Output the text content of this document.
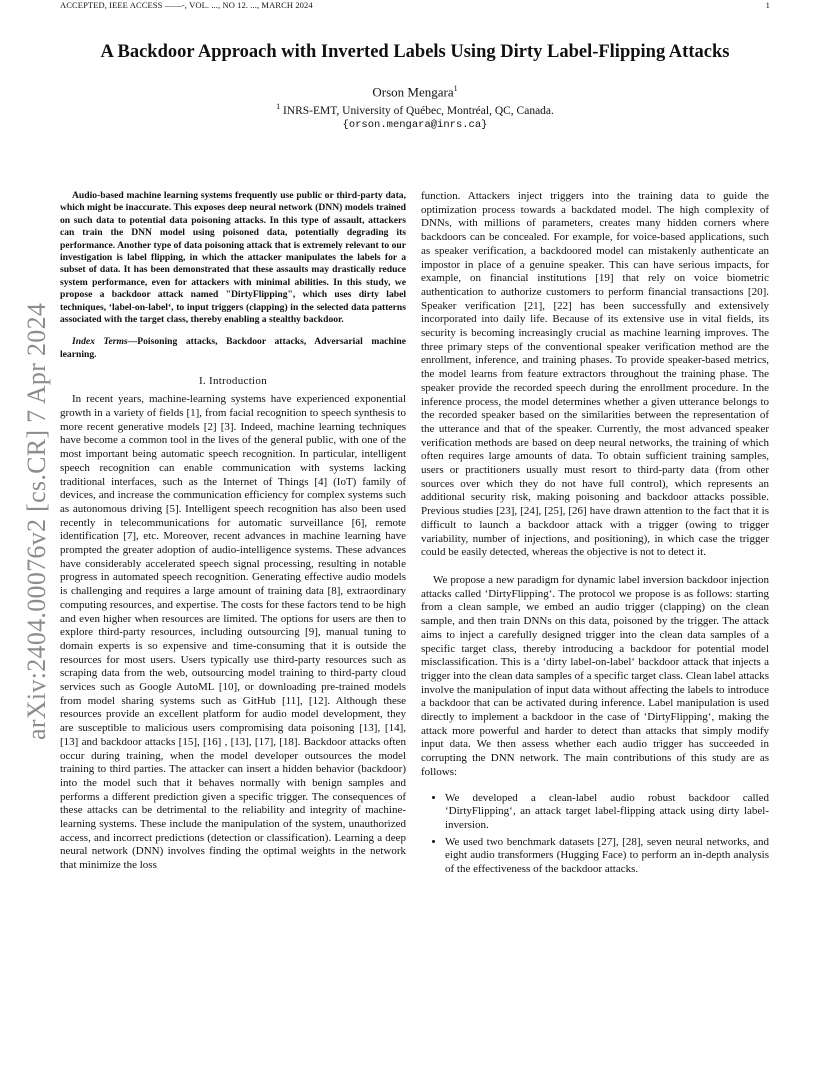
ACCEPTED, IEEE ACCESS ——-, VOL. ..., NO 12. ..., MARCH 2024	1
arXiv:2404.00076v2 [cs.CR] 7 Apr 2024
A Backdoor Approach with Inverted Labels Using Dirty Label-Flipping Attacks
Orson Mengara$^1$
$^1$ INRS-EMT, University of Québec, Montréal, QC, Canada.
{orson.mengara@inrs.ca}

Audio-based machine learning systems frequently use public or third-party data, which might be inaccurate. This exposes deep neural network (DNN) models trained on such data to potential data poisoning attacks. In this type of assault, attackers can train the DNN model using poisoned data, potentially degrading its performance. Another type of data poisoning attack that is extremely relevant to our investigation is label flipping, in which the attacker manipulates the labels for a subset of data. It has been demonstrated that these assaults may drastically reduce system performance, even for attackers with minimal abilities. In this study, we propose a backdoor attack named "DirtyFlipping", which uses dirty label techniques, ‘label-on-label‘, to input triggers (clapping) in the selected data patterns associated with the target class, thereby enabling a stealthy backdoor.

Index Terms—Poisoning attacks, Backdoor attacks, Adversarial machine learning.

I. Introduction

In recent years, machine-learning systems have experienced exponential growth in a variety of fields [1], from facial recognition to speech synthesis to more recent generative models [2] [3]. Indeed, machine learning techniques have become a common tool in the lives of the general public, with one of the most important being automatic speech recognition. In particular, intelligent speech recognition can enable communication with systems lacking traditional interfaces, such as the Internet of Things [4] (IoT) family of devices, and increase the communication efficiency for complex systems such as autonomous driving [5]. Intelligent speech recognition has also been used recently in telecommunications for automatic surveillance [6], remote identification [7], etc. Moreover, recent advances in machine learning have prompted the greater adoption of audio-intelligence systems. These advances have considerably accelerated speech signal processing, resulting in notable progress in automated speech recognition. Generating effective audio models is challenging and requires a large amount of training data [8], extraordinary computing resources, and expertise. The costs for these factors tend to be high and even higher when resources are limited. The options for users are then to explore third-party resources, including outsourcing [9], manual tuning to domain experts is so expensive and time-consuming that it is outside the resources for most users. Users typically use third-party resources such as scraping data from the web, outsourcing model training to third-party cloud services such as Google AutoML [10], or downloading pre-trained models from model sharing systems such as GitHub [11], [12]. Although these resources provide an excellent platform for audio model development, they are susceptible to malicious users compromising data poisoning [13], [14], [13] and backdoor attacks [15], [16] , [13], [17], [18]. Backdoor attacks often occur during training, when the model developer outsources the model training to third parties. The attacker can insert a hidden behavior (backdoor) into the model such that it behaves normally with benign samples and performs a different prediction given a specific trigger. The consequences of these attacks can be detrimental to the reliability and integrity of machine-learning systems. These include the manipulation of the system, unauthorized access, and incorrect predictions (detection or classification). Learning a deep neural network (DNN) involves finding the optimal weights in the network that minimize the loss

function. Attackers inject triggers into the training data to guide the optimization process towards a backdated model. The high complexity of DNNs, with millions of parameters, creates many hidden corners where backdoors can be concealed. For example, for voice-based applications, such as speaker verification, a backdoored model can mistakenly authenticate an impostor in place of a genuine speaker. This can have serious impacts, for example, on financial institutions [19] that rely on voice biometric authentication to authorize customers to perform financial transactions [20]. Speaker verification [21], [22] has been successfully and extensively incorporated into daily life. Because of its extensive use in vital fields, its security is becoming increasingly crucial as machine learning improves. The three primary steps of the conventional speaker verification method are the enrollment, inference, and training phases. To provide speaker-based metrics, the model learns from feature extractors throughout the training phase. The speaker provide the recorded speech during the enrollment procedure. In the inference process, the model determines whether a given utterance belongs to the recorded speaker based on the similarities between the representation of the utterance and that of the speaker. Currently, the most advanced speaker verification methods are based on deep neural networks, the training of which often requires large amounts of data. To obtain sufficient training samples, users or practitioners usually must resort to third-party data (from other sources over which they do not have full control), which represents an additional security risk, making poisoning and backdoor attacks possible. Previous studies [23], [24], [25], [26] have drawn attention to the fact that it is difficult to launch a backdoor attack with a trigger (owing to trigger variability, number of injections, and positioning), in which case the trigger could be easily detected, whereas the objective is not to detect it.

We propose a new paradigm for dynamic label inversion backdoor injection attacks called ‘DirtyFlipping‘. The protocol we propose is as follows: starting from a clean sample, we embed an audio trigger (clapping) on the clean sample, and then train DNNs on this data, poisoned by the trigger. The attack aims to inject a carefully designed trigger into the clean data samples of a specific target class, thereby introducing a backdoor for potential model misclassification. This is a ‘dirty label-on-label‘ backdoor attack that injects a trigger into the clean data samples of a specific target class. Clean label attacks involve the manipulation of input data without affecting the labels to introduce a backdoor that can be activated during inference. Label manipulation is used directly to implement a backdoor in the case of ‘DirtyFlipping‘, making the attack more powerful and harder to detect than attacks that simply modify input data. We then assess whether each audio trigger has succeeded in corrupting the DNN network. The main contributions of this study are as follows:

• We developed a clean-label audio robust backdoor called ‘DirtyFlipping‘, an attack target label-flipping attack using dirty label-inversion.
• We used two benchmark datasets [27], [28], seven neural networks, and eight audio transformers (Hugging Face) to perform an in-depth analysis of the effectiveness of the backdoor attacks.
